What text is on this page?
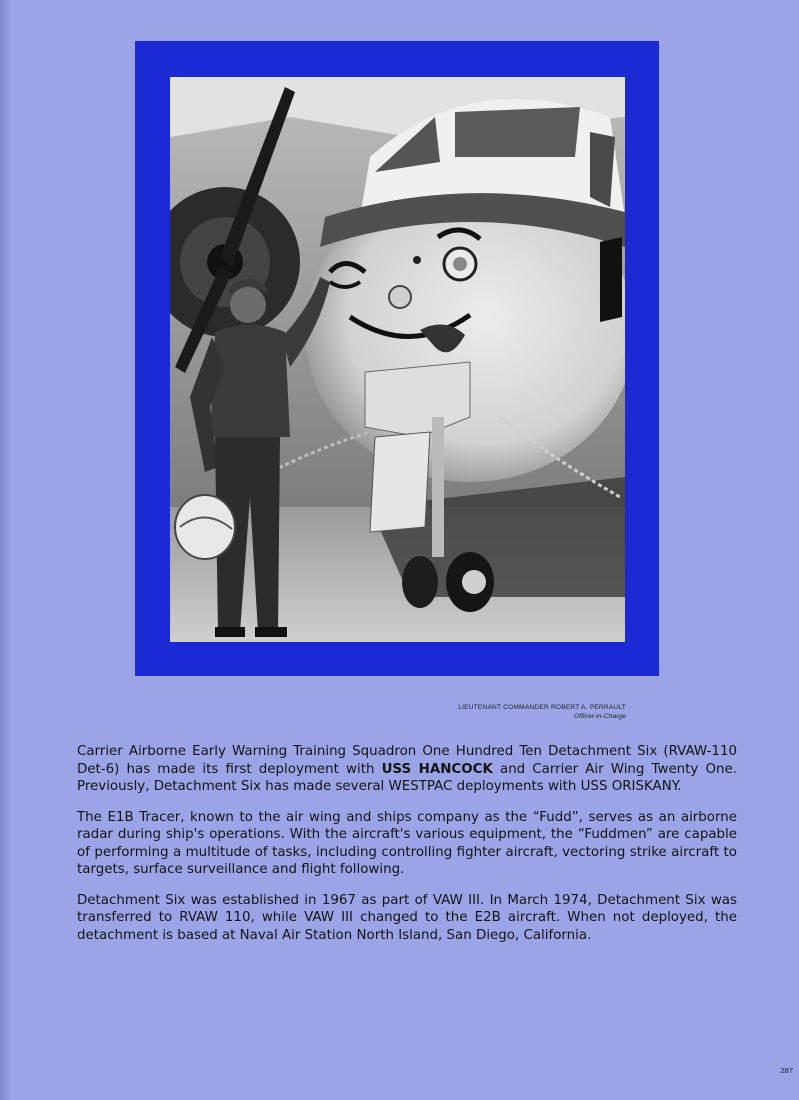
LIEUTENANT COMMANDER ROBERT A. PERRAULT
Officer-in-Charge

Carrier Airborne Early Warning Training Squadron One Hundred Ten Detachment Six (RVAW-110 Det-6) has made its first deployment with USS HANCOCK and Carrier Air Wing Twenty One. Previously, Detachment Six has made several WESTPAC deployments with USS ORISKANY.

The E1B Tracer, known to the air wing and ships company as the “Fudd”, serves as an airborne radar during ship's operations. With the aircraft's various equipment, the “Fuddmen” are capable of performing a multitude of tasks, including controlling fighter aircraft, vectoring strike aircraft to targets, surface surveillance and flight following.

Detachment Six was established in 1967 as part of VAW III. In March 1974, Detachment Six was transferred to RVAW 110, while VAW III changed to the E2B aircraft. When not deployed, the detachment is based at Naval Air Station North Island, San Diego, California.

287
